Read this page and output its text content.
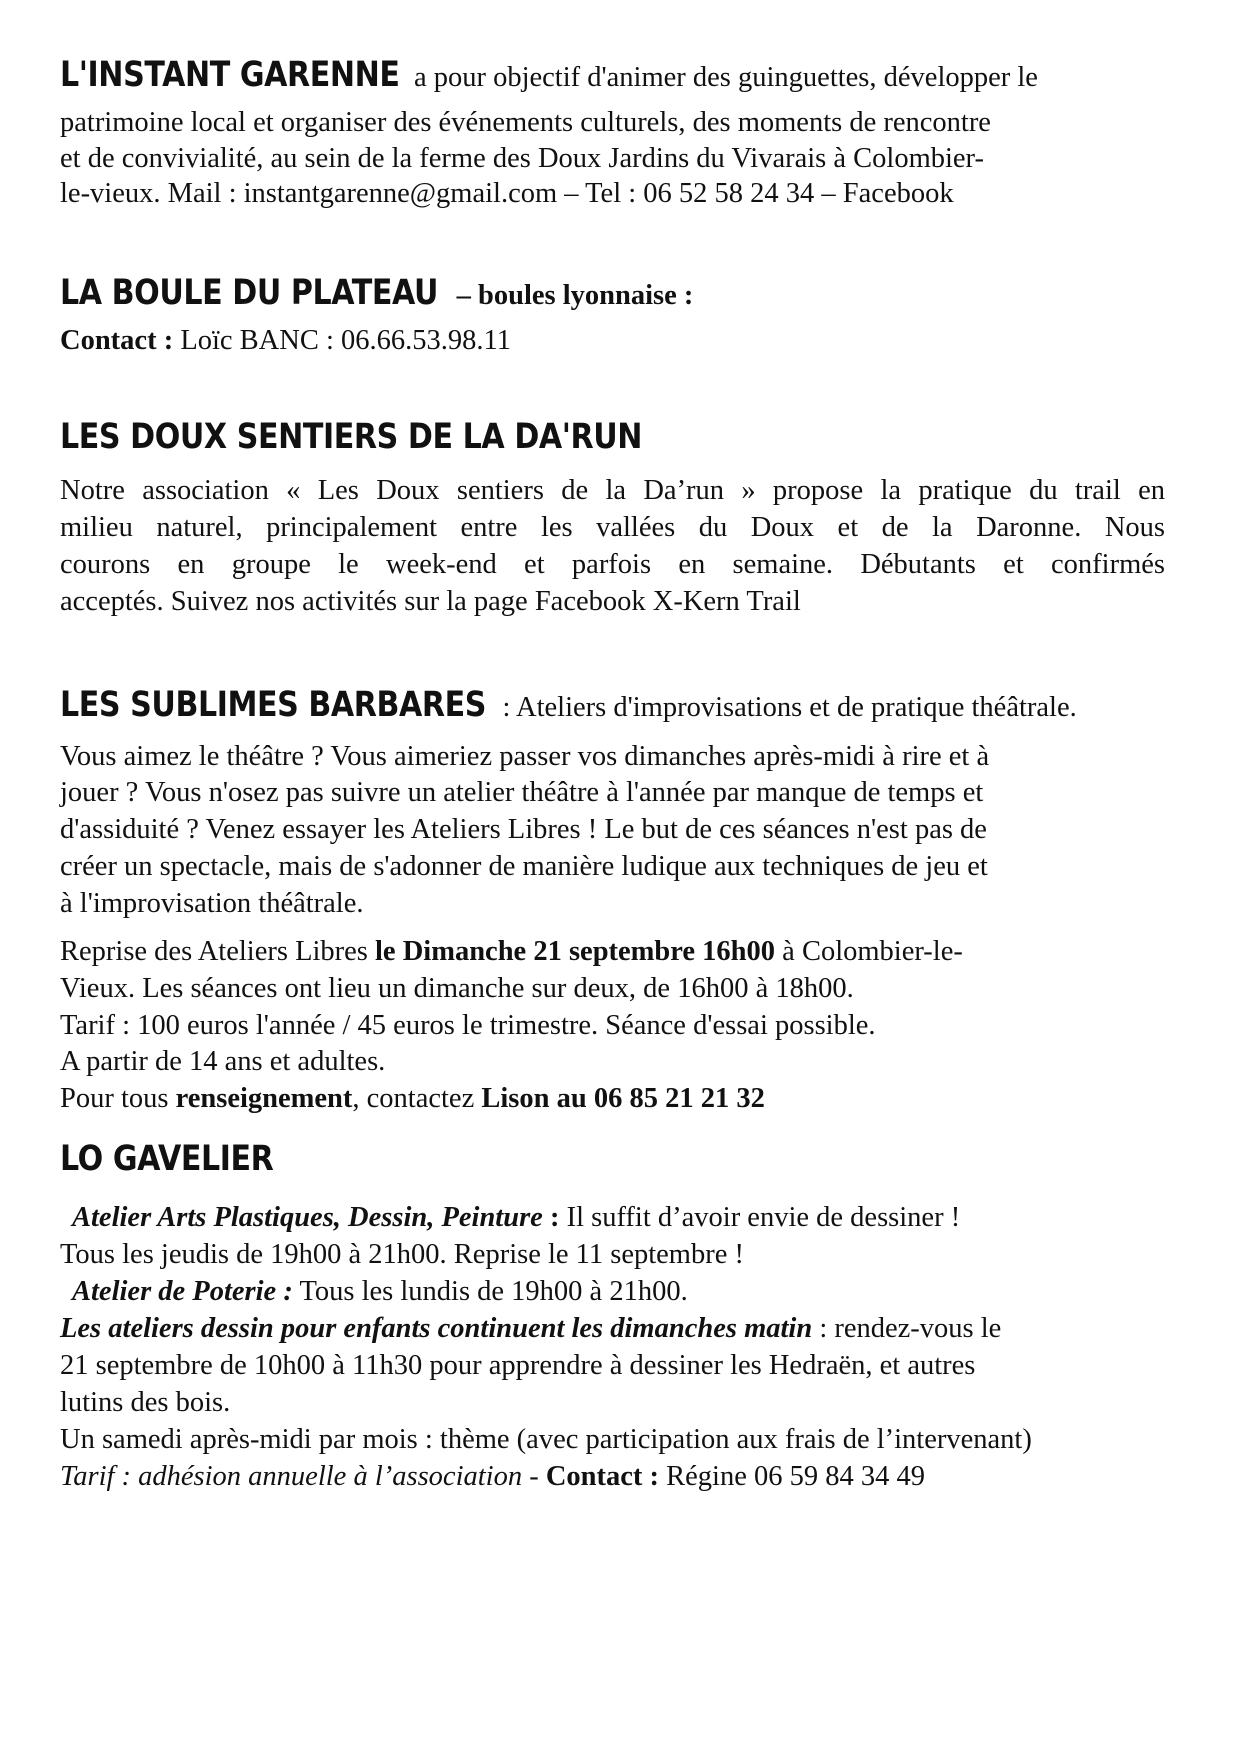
L'INSTANT GARENNE a pour objectif d'animer des guinguettes, développer le
patrimoine local et organiser des événements culturels, des moments de rencontre
et de convivialité, au sein de la ferme des Doux Jardins du Vivarais à Colombier-
le-vieux. Mail : instantgarenne@gmail.com – Tel : 06 52 58 24 34 – Facebook
LA BOULE DU PLATEAU – boules lyonnaise :
Contact : Loïc BANC : 06.66.53.98.11
LES DOUX SENTIERS DE LA DA'RUN
Notre association « Les Doux sentiers de la Da’run » propose la pratique du trail en
milieu naturel, principalement entre les vallées du Doux et de la Daronne. Nous
courons en groupe le week-end et parfois en semaine. Débutants et confirmés
acceptés. Suivez nos activités sur la page Facebook X-Kern Trail
LES SUBLIMES BARBARES : Ateliers d'improvisations et de pratique théâtrale.
Vous aimez le théâtre ? Vous aimeriez passer vos dimanches après-midi à rire et à
jouer ? Vous n'osez pas suivre un atelier théâtre à l'année par manque de temps et
d'assiduité ? Venez essayer les Ateliers Libres ! Le but de ces séances n'est pas de
créer un spectacle, mais de s'adonner de manière ludique aux techniques de jeu et
à l'improvisation théâtrale.
Reprise des Ateliers Libres le Dimanche 21 septembre 16h00 à Colombier-le-
Vieux. Les séances ont lieu un dimanche sur deux, de 16h00 à 18h00.
Tarif : 100 euros l'année / 45 euros le trimestre. Séance d'essai possible.
A partir de 14 ans et adultes.
Pour tous renseignement, contactez Lison au 06 85 21 21 32
LO GAVELIER
Atelier Arts Plastiques, Dessin, Peinture : Il suffit d’avoir envie de dessiner !
Tous les jeudis de 19h00 à 21h00. Reprise le 11 septembre !
Atelier de Poterie : Tous les lundis de 19h00 à 21h00.
Les ateliers dessin pour enfants continuent les dimanches matin : rendez-vous le
21 septembre de 10h00 à 11h30 pour apprendre à dessiner les Hedraën, et autres
lutins des bois.
Un samedi après-midi par mois : thème (avec participation aux frais de l’intervenant)
Tarif : adhésion annuelle à l’association - Contact : Régine 06 59 84 34 49
